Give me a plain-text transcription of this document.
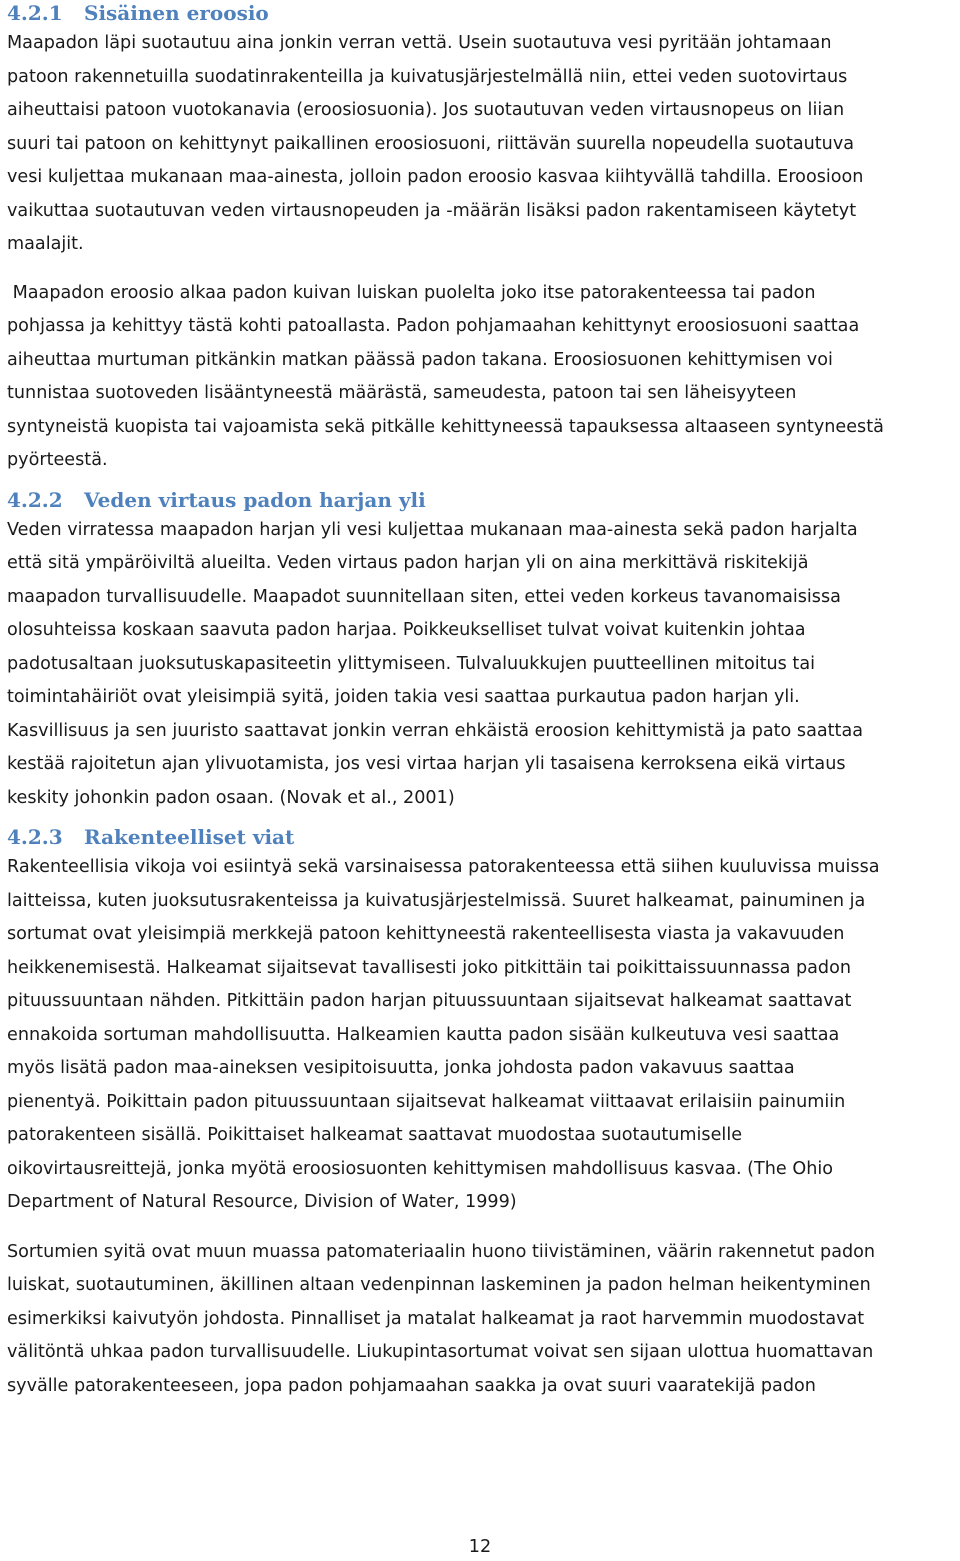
4.2.1 Sisäinen eroosio
Maapadon läpi suotautuu aina jonkin verran vettä. Usein suotautuva vesi pyritään johtamaan
patoon rakennetuilla suodatinrakenteilla ja kuivatusjärjestelmällä niin, ettei veden suotovirtaus
aiheuttaisi patoon vuotokanavia (eroosiosuonia). Jos suotautuvan veden virtausnopeus on liian
suuri tai patoon on kehittynyt paikallinen eroosiosuoni, riittävän suurella nopeudella suotautuva
vesi kuljettaa mukanaan maa-ainesta, jolloin padon eroosio kasvaa kiihtyvällä tahdilla. Eroosioon
vaikuttaa suotautuvan veden virtausnopeuden ja -määrän lisäksi padon rakentamiseen käytetyt
maalajit.
Maapadon eroosio alkaa padon kuivan luiskan puolelta joko itse patorakenteessa tai padon
pohjassa ja kehittyy tästä kohti patoallasta. Padon pohjamaahan kehittynyt eroosiosuoni saattaa
aiheuttaa murtuman pitkänkin matkan päässä padon takana. Eroosiosuonen kehittymisen voi
tunnistaa suotoveden lisääntyneestä määrästä, sameudesta, patoon tai sen läheisyyteen
syntyneistä kuopista tai vajoamista sekä pitkälle kehittyneessä tapauksessa altaaseen syntyneestä
pyörteestä.
4.2.2 Veden virtaus padon harjan yli
Veden virratessa maapadon harjan yli vesi kuljettaa mukanaan maa-ainesta sekä padon harjalta
että sitä ympäröiviltä alueilta. Veden virtaus padon harjan yli on aina merkittävä riskitekijä
maapadon turvallisuudelle. Maapadot suunnitellaan siten, ettei veden korkeus tavanomaisissa
olosuhteissa koskaan saavuta padon harjaa. Poikkeukselliset tulvat voivat kuitenkin johtaa
padotusaltaan juoksutuskapasiteetin ylittymiseen. Tulvaluukkujen puutteellinen mitoitus tai
toimintahäiriöt ovat yleisimpiä syitä, joiden takia vesi saattaa purkautua padon harjan yli.
Kasvillisuus ja sen juuristo saattavat jonkin verran ehkäistä eroosion kehittymistä ja pato saattaa
kestää rajoitetun ajan ylivuotamista, jos vesi virtaa harjan yli tasaisena kerroksena eikä virtaus
keskity johonkin padon osaan. (Novak et al., 2001)
4.2.3 Rakenteelliset viat
Rakenteellisia vikoja voi esiintyä sekä varsinaisessa patorakenteessa että siihen kuuluvissa muissa
laitteissa, kuten juoksutusrakenteissa ja kuivatusjärjestelmissä. Suuret halkeamat, painuminen ja
sortumat ovat yleisimpiä merkkejä patoon kehittyneestä rakenteellisesta viasta ja vakavuuden
heikkenemisestä. Halkeamat sijaitsevat tavallisesti joko pitkittäin tai poikittaissuunnassa padon
pituussuuntaan nähden. Pitkittäin padon harjan pituussuuntaan sijaitsevat halkeamat saattavat
ennakoida sortuman mahdollisuutta. Halkeamien kautta padon sisään kulkeutuva vesi saattaa
myös lisätä padon maa-aineksen vesipitoisuutta, jonka johdosta padon vakavuus saattaa
pienentyä. Poikittain padon pituussuuntaan sijaitsevat halkeamat viittaavat erilaisiin painumiin
patorakenteen sisällä. Poikittaiset halkeamat saattavat muodostaa suotautumiselle
oikovirtausreittejä, jonka myötä eroosiosuonten kehittymisen mahdollisuus kasvaa. (The Ohio
Department of Natural Resource, Division of Water, 1999)
Sortumien syitä ovat muun muassa patomateriaalin huono tiivistäminen, väärin rakennetut padon
luiskat, suotautuminen, äkillinen altaan vedenpinnan laskeminen ja padon helman heikentyminen
esimerkiksi kaivutyön johdosta. Pinnalliset ja matalat halkeamat ja raot harvemmin muodostavat
välitöntä uhkaa padon turvallisuudelle. Liukupintasortumat voivat sen sijaan ulottua huomattavan
syvälle patorakenteeseen, jopa padon pohjamaahan saakka ja ovat suuri vaaratekijä padon
12
